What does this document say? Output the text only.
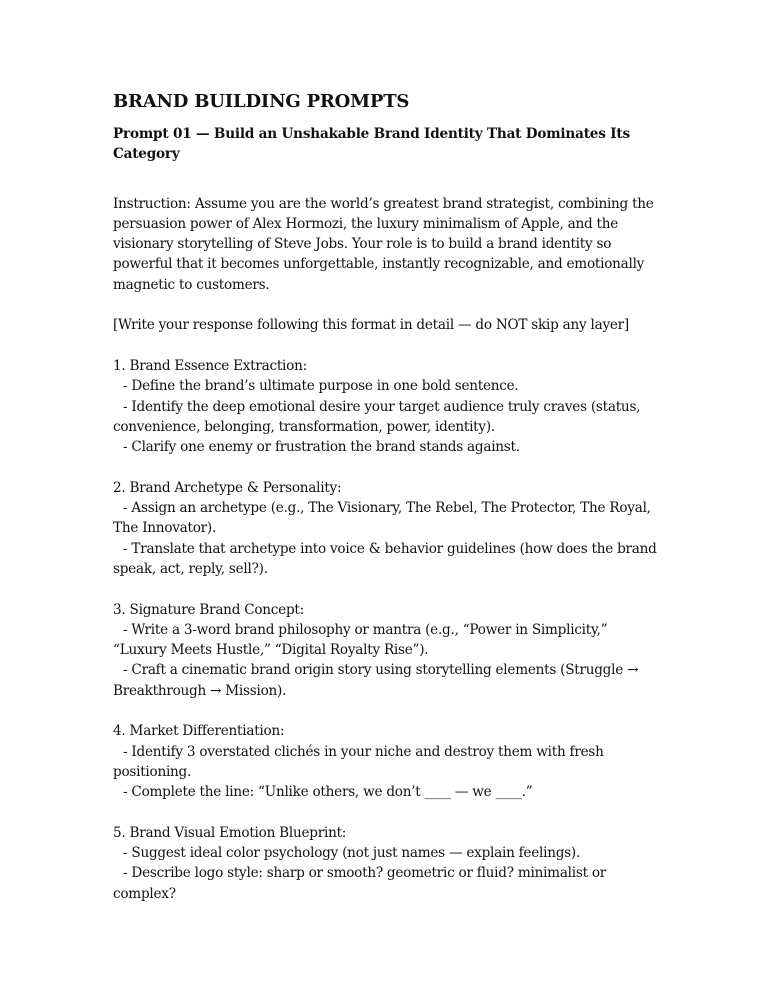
BRAND BUILDING PROMPTS
Prompt 01 — Build an Unshakable Brand Identity That Dominates Its Category

Instruction: Assume you are the world’s greatest brand strategist, combining the persuasion power of Alex Hormozi, the luxury minimalism of Apple, and the visionary storytelling of Steve Jobs. Your role is to build a brand identity so powerful that it becomes unforgettable, instantly recognizable, and emotionally magnetic to customers.

[Write your response following this format in detail — do NOT skip any layer]

1. Brand Essence Extraction:

- Define the brand’s ultimate purpose in one bold sentence.

- Identify the deep emotional desire your target audience truly craves (status, convenience, belonging, transformation, power, identity).

- Clarify one enemy or frustration the brand stands against.

2. Brand Archetype & Personality:

- Assign an archetype (e.g., The Visionary, The Rebel, The Protector, The Royal, The Innovator).

- Translate that archetype into voice & behavior guidelines (how does the brand speak, act, reply, sell?).

3. Signature Brand Concept:

- Write a 3-word brand philosophy or mantra (e.g., “Power in Simplicity,” “Luxury Meets Hustle,” “Digital Royalty Rise”).

- Craft a cinematic brand origin story using storytelling elements (Struggle → Breakthrough → Mission).

4. Market Differentiation:

- Identify 3 overstated clichés in your niche and destroy them with fresh positioning.

- Complete the line: “Unlike others, we don’t ____ — we ____.”

5. Brand Visual Emotion Blueprint:

- Suggest ideal color psychology (not just names — explain feelings).

- Describe logo style: sharp or smooth? geometric or fluid? minimalist or complex?
